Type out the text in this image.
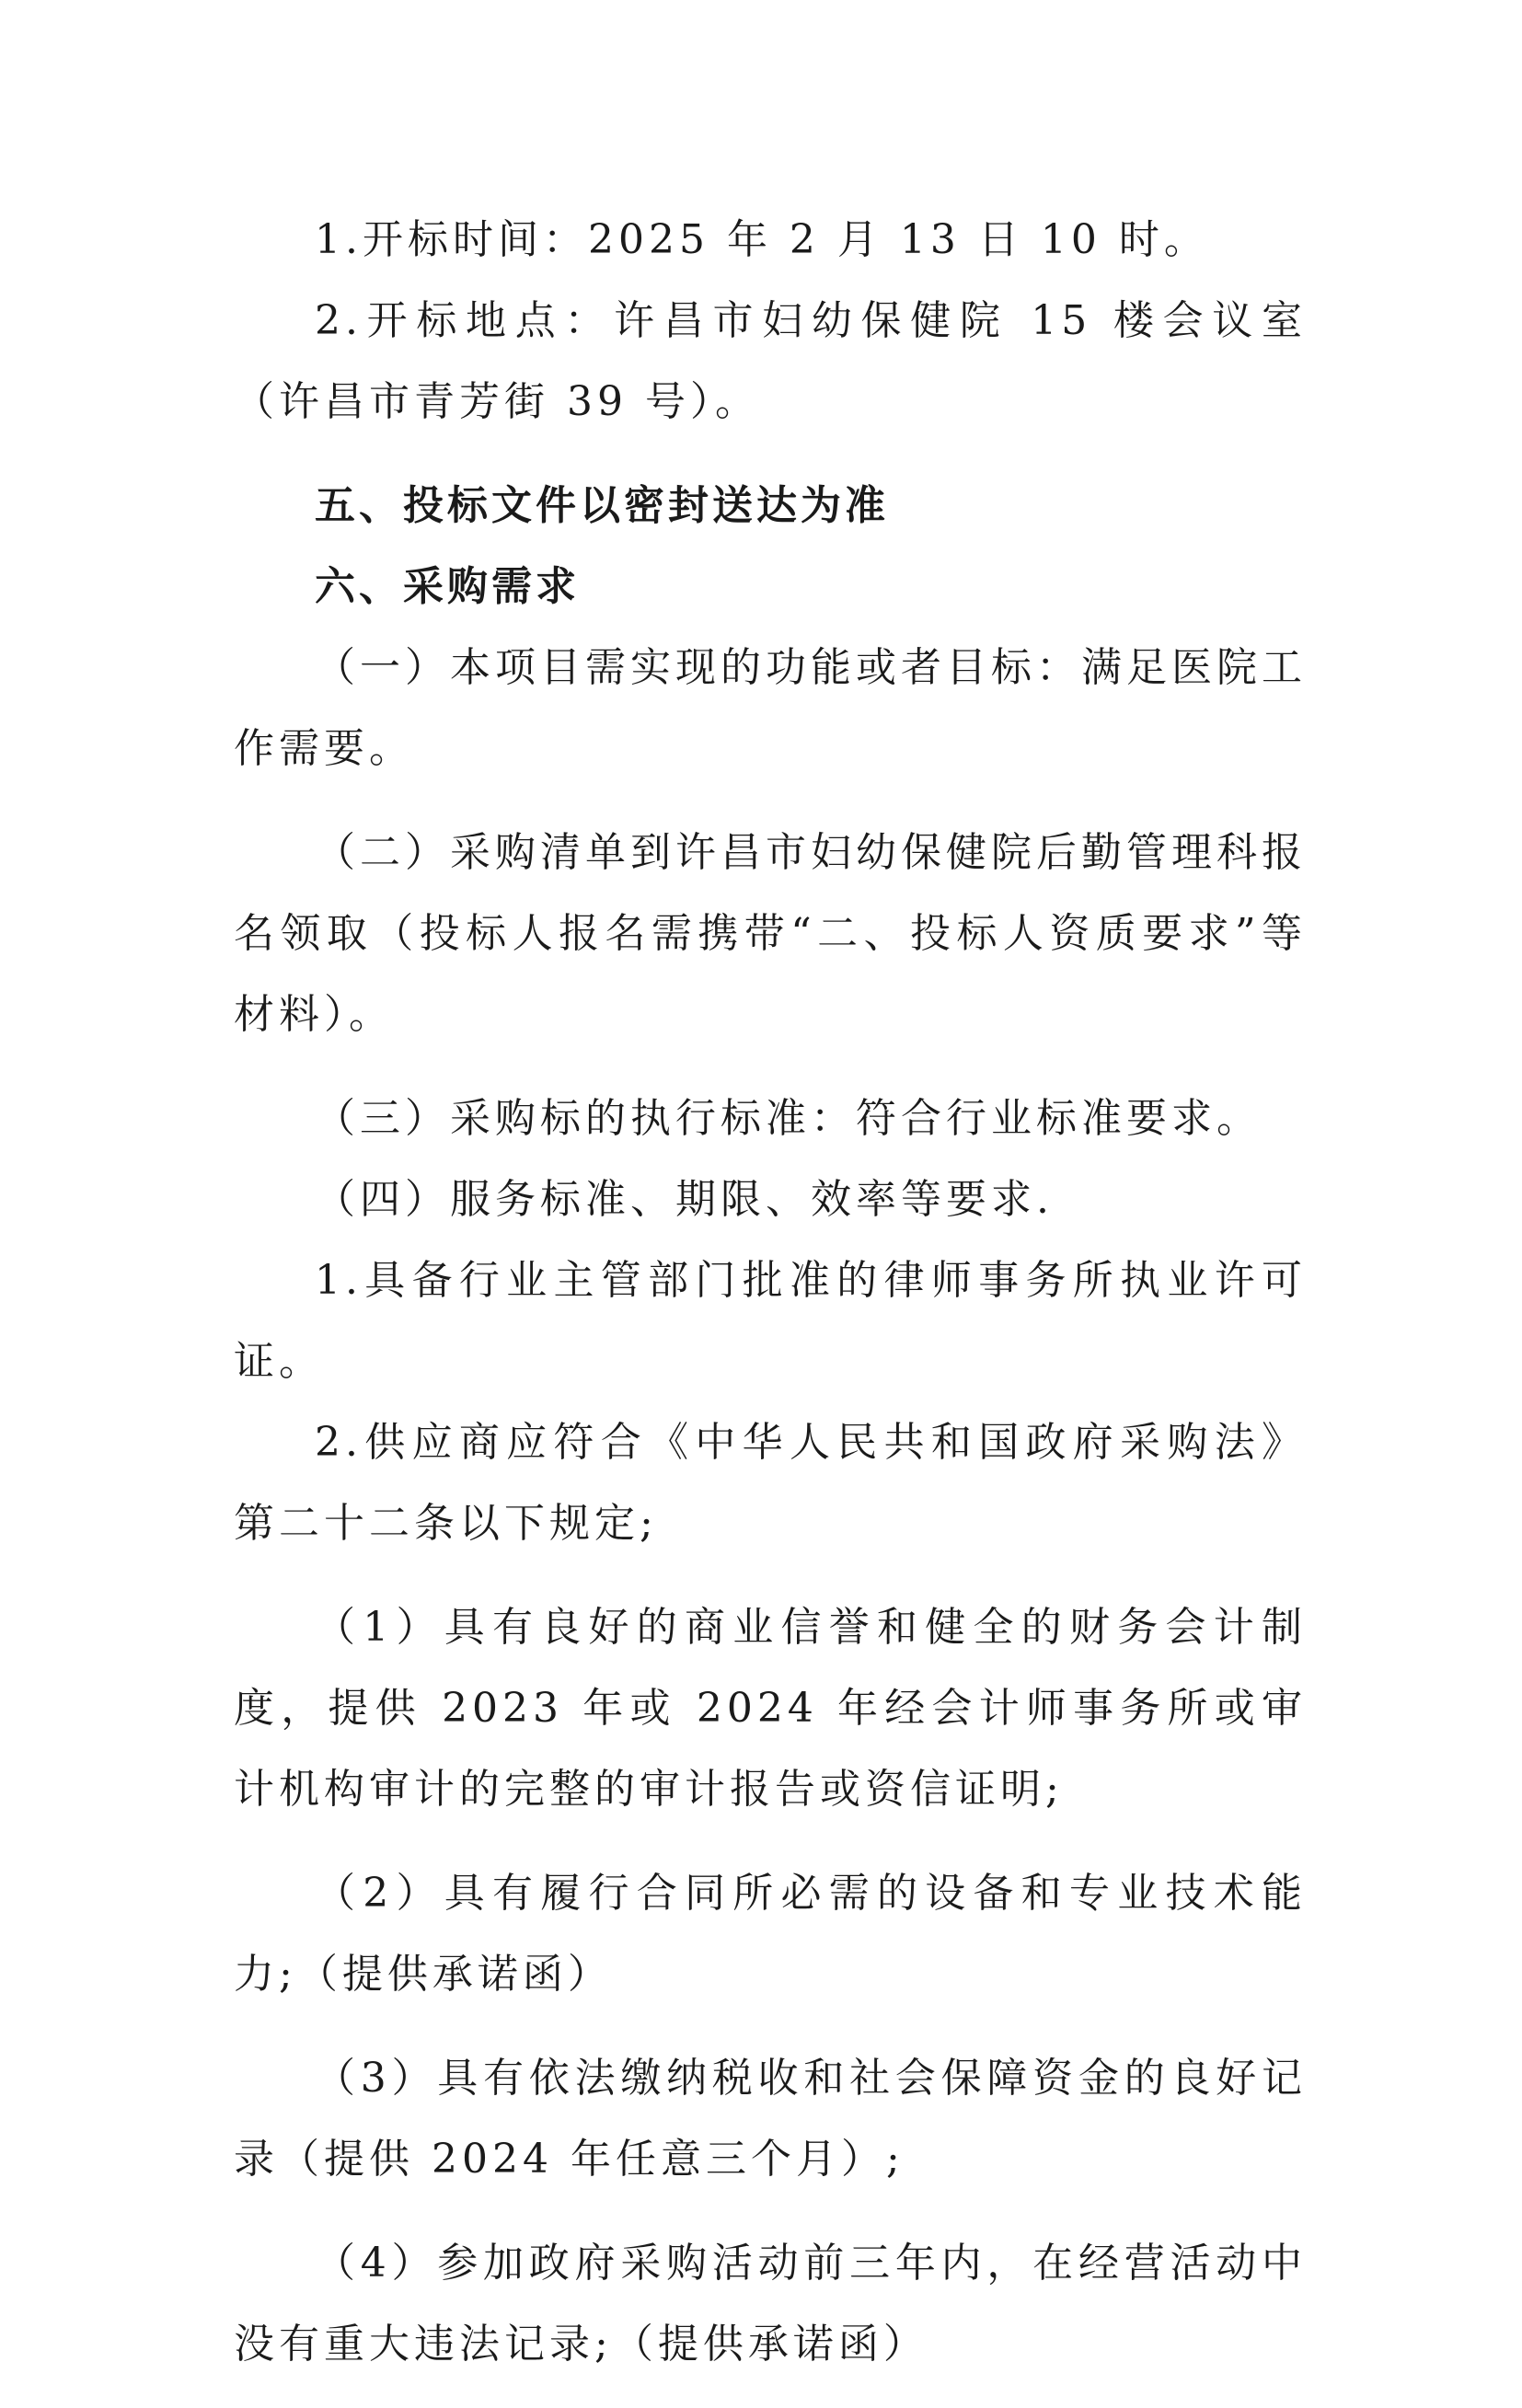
1.开标时间：2025 年 2 月 13 日 10 时。

2.开标地点：许昌市妇幼保健院 15 楼会议室（许昌市青芳街 39 号）。

五、投标文件以密封送达为准

六、采购需求

（一）本项目需实现的功能或者目标：满足医院工作需要。

（二）采购清单到许昌市妇幼保健院后勤管理科报名领取（投标人报名需携带“二、投标人资质要求”等材料）。

（三）采购标的执行标准：符合行业标准要求。

（四）服务标准、期限、效率等要求.

1.具备行业主管部门批准的律师事务所执业许可证。

2.供应商应符合《中华人民共和国政府采购法》第二十二条以下规定;

（1）具有良好的商业信誉和健全的财务会计制度，提供 2023 年或 2024 年经会计师事务所或审计机构审计的完整的审计报告或资信证明;

（2）具有履行合同所必需的设备和专业技术能力;（提供承诺函）

（3）具有依法缴纳税收和社会保障资金的良好记录（提供 2024 年任意三个月）;

（4）参加政府采购活动前三年内，在经营活动中没有重大违法记录;（提供承诺函）
